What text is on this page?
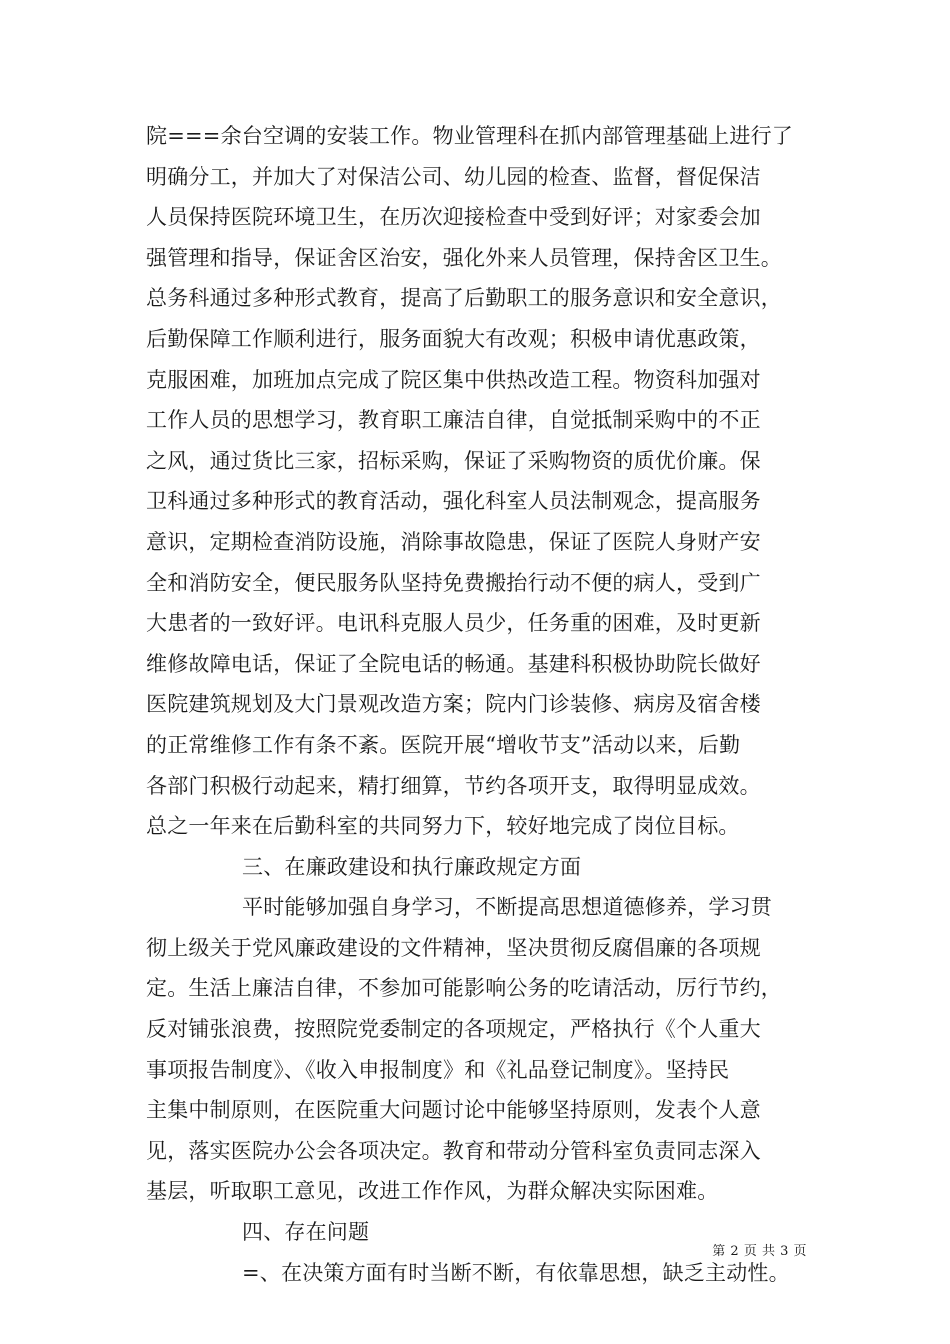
院===余台空调的安装工作。物业管理科在抓内部管理基础上进行了
明确分工，并加大了对保洁公司、幼儿园的检查、监督，督促保洁
人员保持医院环境卫生，在历次迎接检查中受到好评；对家委会加
强管理和指导，保证舍区治安，强化外来人员管理，保持舍区卫生。
总务科通过多种形式教育，提高了后勤职工的服务意识和安全意识，
后勤保障工作顺利进行，服务面貌大有改观；积极申请优惠政策，
克服困难，加班加点完成了院区集中供热改造工程。物资科加强对
工作人员的思想学习，教育职工廉洁自律，自觉抵制采购中的不正
之风，通过货比三家，招标采购，保证了采购物资的质优价廉。保
卫科通过多种形式的教育活动，强化科室人员法制观念，提高服务
意识，定期检查消防设施，消除事故隐患，保证了医院人身财产安
全和消防安全，便民服务队坚持免费搬抬行动不便的病人，受到广
大患者的一致好评。电讯科克服人员少，任务重的困难，及时更新
维修故障电话，保证了全院电话的畅通。基建科积极协助院长做好
医院建筑规划及大门景观改造方案；院内门诊装修、病房及宿舍楼
的正常维修工作有条不紊。医院开展“增收节支”活动以来，后勤
各部门积极行动起来，精打细算，节约各项开支，取得明显成效。
总之一年来在后勤科室的共同努力下，较好地完成了岗位目标。
三、在廉政建设和执行廉政规定方面
平时能够加强自身学习，不断提高思想道德修养，学习贯
彻上级关于党风廉政建设的文件精神，坚决贯彻反腐倡廉的各项规
定。生活上廉洁自律，不参加可能影响公务的吃请活动，厉行节约，
反对铺张浪费，按照院党委制定的各项规定，严格执行《个人重大
事项报告制度》、《收入申报制度》和《礼品登记制度》。坚持民
主集中制原则，在医院重大问题讨论中能够坚持原则，发表个人意
见，落实医院办公会各项决定。教育和带动分管科室负责同志深入
基层，听取职工意见，改进工作作风，为群众解决实际困难。
四、存在问题
=、在决策方面有时当断不断，有依靠思想，缺乏主动性。
第 2 页 共 3 页
